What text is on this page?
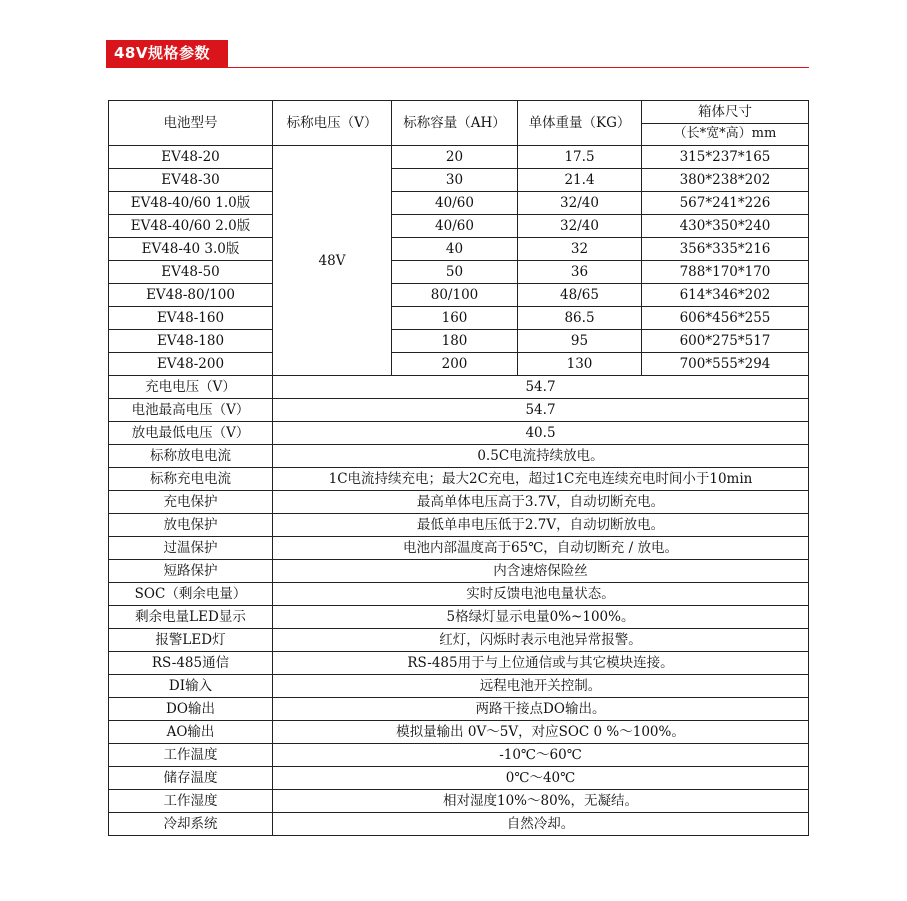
48V规格参数
电池型号	标称电压（V）	标称容量（AH）	单体重量（KG）	箱体尺寸
				（长*宽*高）mm
EV48-20	48V	20	17.5	315*237*165
EV48-30		30	21.4	380*238*202
EV48-40/60 1.0版		40/60	32/40	567*241*226
EV48-40/60 2.0版		40/60	32/40	430*350*240
EV48-40 3.0版		40	32	356*335*216
EV48-50		50	36	788*170*170
EV48-80/100		80/100	48/65	614*346*202
EV48-160		160	86.5	606*456*255
EV48-180		180	95	600*275*517
EV48-200		200	130	700*555*294
充电电压（V）	54.7			
电池最高电压（V）	54.7			
放电最低电压（V）	40.5			
标称放电电流	0.5C电流持续放电。			
标称充电电流	1C电流持续充电；最大2C充电，超过1C充电连续充电时间小于10min			
充电保护	最高单体电压高于3.7V，自动切断充电。			
放电保护	最低单串电压低于2.7V，自动切断放电。			
过温保护	电池内部温度高于65℃，自动切断充 / 放电。			
短路保护	内含速熔保险丝			
SOC（剩余电量）	实时反馈电池电量状态。			
剩余电量LED显示	5格绿灯显示电量0%~100%。			
报警LED灯	红灯，闪烁时表示电池异常报警。			
RS-485通信	RS-485用于与上位通信或与其它模块连接。			
DI输入	远程电池开关控制。			
DO输出	两路干接点DO输出。			
AO输出	模拟量输出 0V～5V，对应SOC 0 %～100%。			
工作温度	-10℃～60℃			
储存温度	0℃～40℃			
工作湿度	相对湿度10%～80%，无凝结。			
冷却系统	自然冷却。			
